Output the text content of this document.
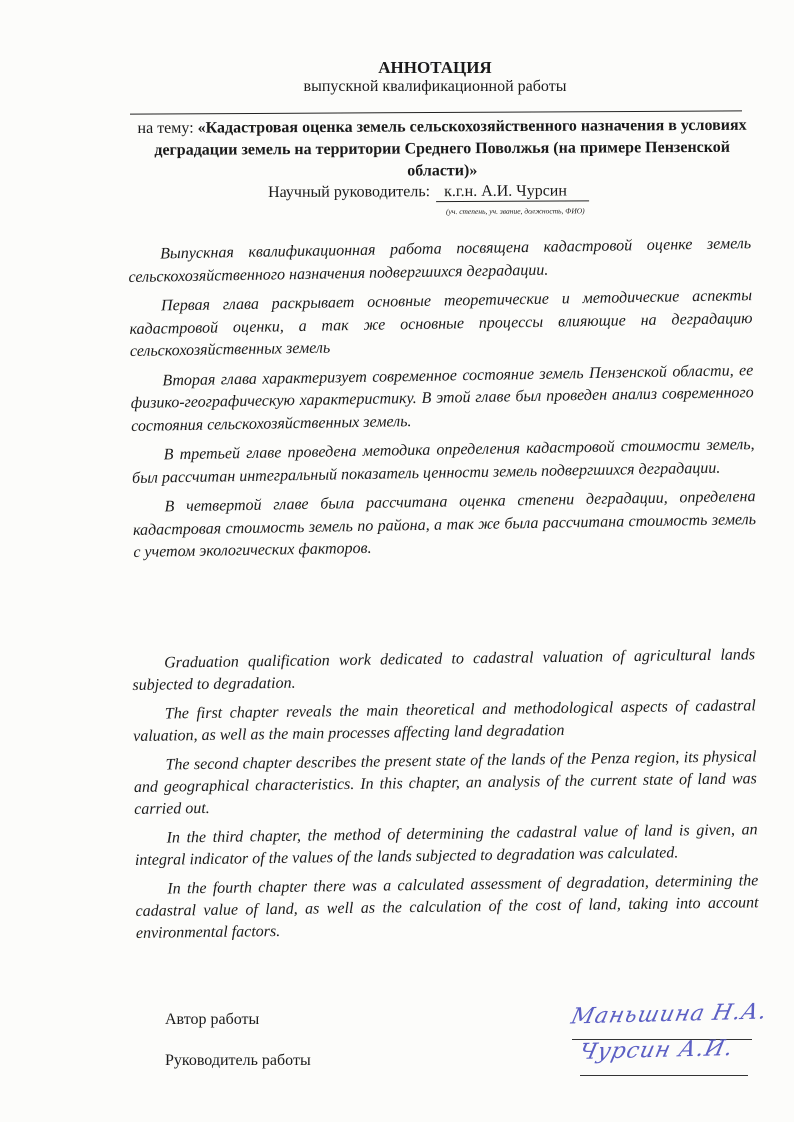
АННОТАЦИЯ
выпускной квалификационной работы
на тему: «Кадастровая оценка земель сельскохозяйственного назначения в условиях деградации земель на территории Среднего Поволжья (на примере Пензенской области)»
Научный руководитель: к.г.н. А.И. Чурсин
(уч. степень, уч. звание, должность, ФИО)

Выпускная квалификационная работа посвящена кадастровой оценке земель сельскохозяйственного назначения подвергшихся деградации.

Первая глава раскрывает основные теоретические и методические аспекты кадастровой оценки, а так же основные процессы влияющие на деградацию сельскохозяйственных земель

Вторая глава характеризует современное состояние земель Пензенской области, ее физико-географическую характеристику. В этой главе был проведен анализ современного состояния сельскохозяйственных земель.

В третьей главе проведена методика определения кадастровой стоимости земель, был рассчитан интегральный показатель ценности земель подвергшихся деградации.

В четвертой главе была рассчитана оценка степени деградации, определена кадастровая стоимость земель по района, а так же была рассчитана стоимость земель с учетом экологических факторов.

Graduation qualification work dedicated to cadastral valuation of agricultural lands subjected to degradation.

The first chapter reveals the main theoretical and methodological aspects of cadastral valuation, as well as the main processes affecting land degradation

The second chapter describes the present state of the lands of the Penza region, its physical and geographical characteristics. In this chapter, an analysis of the current state of land was carried out.

In the third chapter, the method of determining the cadastral value of land is given, an integral indicator of the values of the lands subjected to degradation was calculated.

In the fourth chapter there was a calculated assessment of degradation, determining the cadastral value of land, as well as the calculation of the cost of land, taking into account environmental factors.

Автор работы	Маньшина Н.А.
Руководитель работы	Чурсин А.И.
